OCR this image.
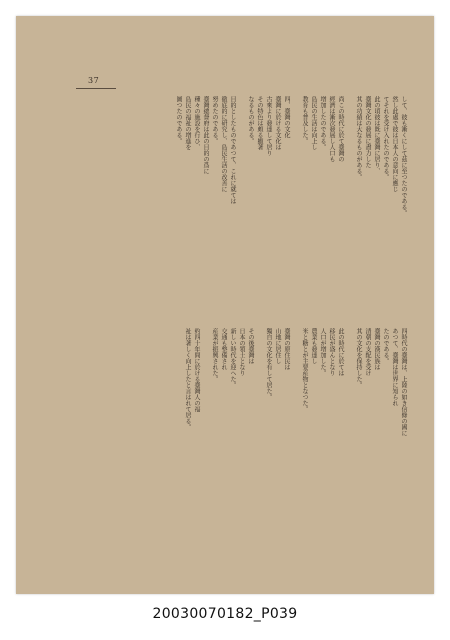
37
して、彼も漸くにして茲に至つたのである。
然し此處で彼は日本人の意向に應じ
てそれを受け入れたのである。
此の頃彼は既に臺灣に居り、
臺灣文化の發展に盡力した
其の功績は大なるものがある。
尚この時代に於て臺灣の
經濟は漸次發展し人口も
増加したのである。
島民の生活は向上し
教育も普及した。
四、臺灣の文化
臺灣に於ける文化は
古來より發達して居り
その特色は頗る顯著
なるものがある。
目的としたものであつて、これに就ては
徹底的に研究し、島民生活の改善に
努めたのである。
臺灣總督府は此の目的の爲に
種々の施設を行ひ、
島民の福祉の増進を
圖つたのである。
四時代の臺灣は、上陸の如き信條の國に
あつて、臺灣は世界に知られ
たのである。
臺灣の漢民族は
清朝の支配を受け
其の文化を保持した。
此の時代に於ては
移民が盛んとなり
人口が増加した。
農業も發達し
米と糖とが主要産物となつた。
臺灣の原住民は
山地に居住し
獨自の文化を有して居た。
その後臺灣は
日本の領土となり
新しい時代を迎へた。
交通も整備され
産業が振興された。
約四十年間に於ける臺灣人の福
祉は著しく向上したと言はれて居る。
20030070182_P039
